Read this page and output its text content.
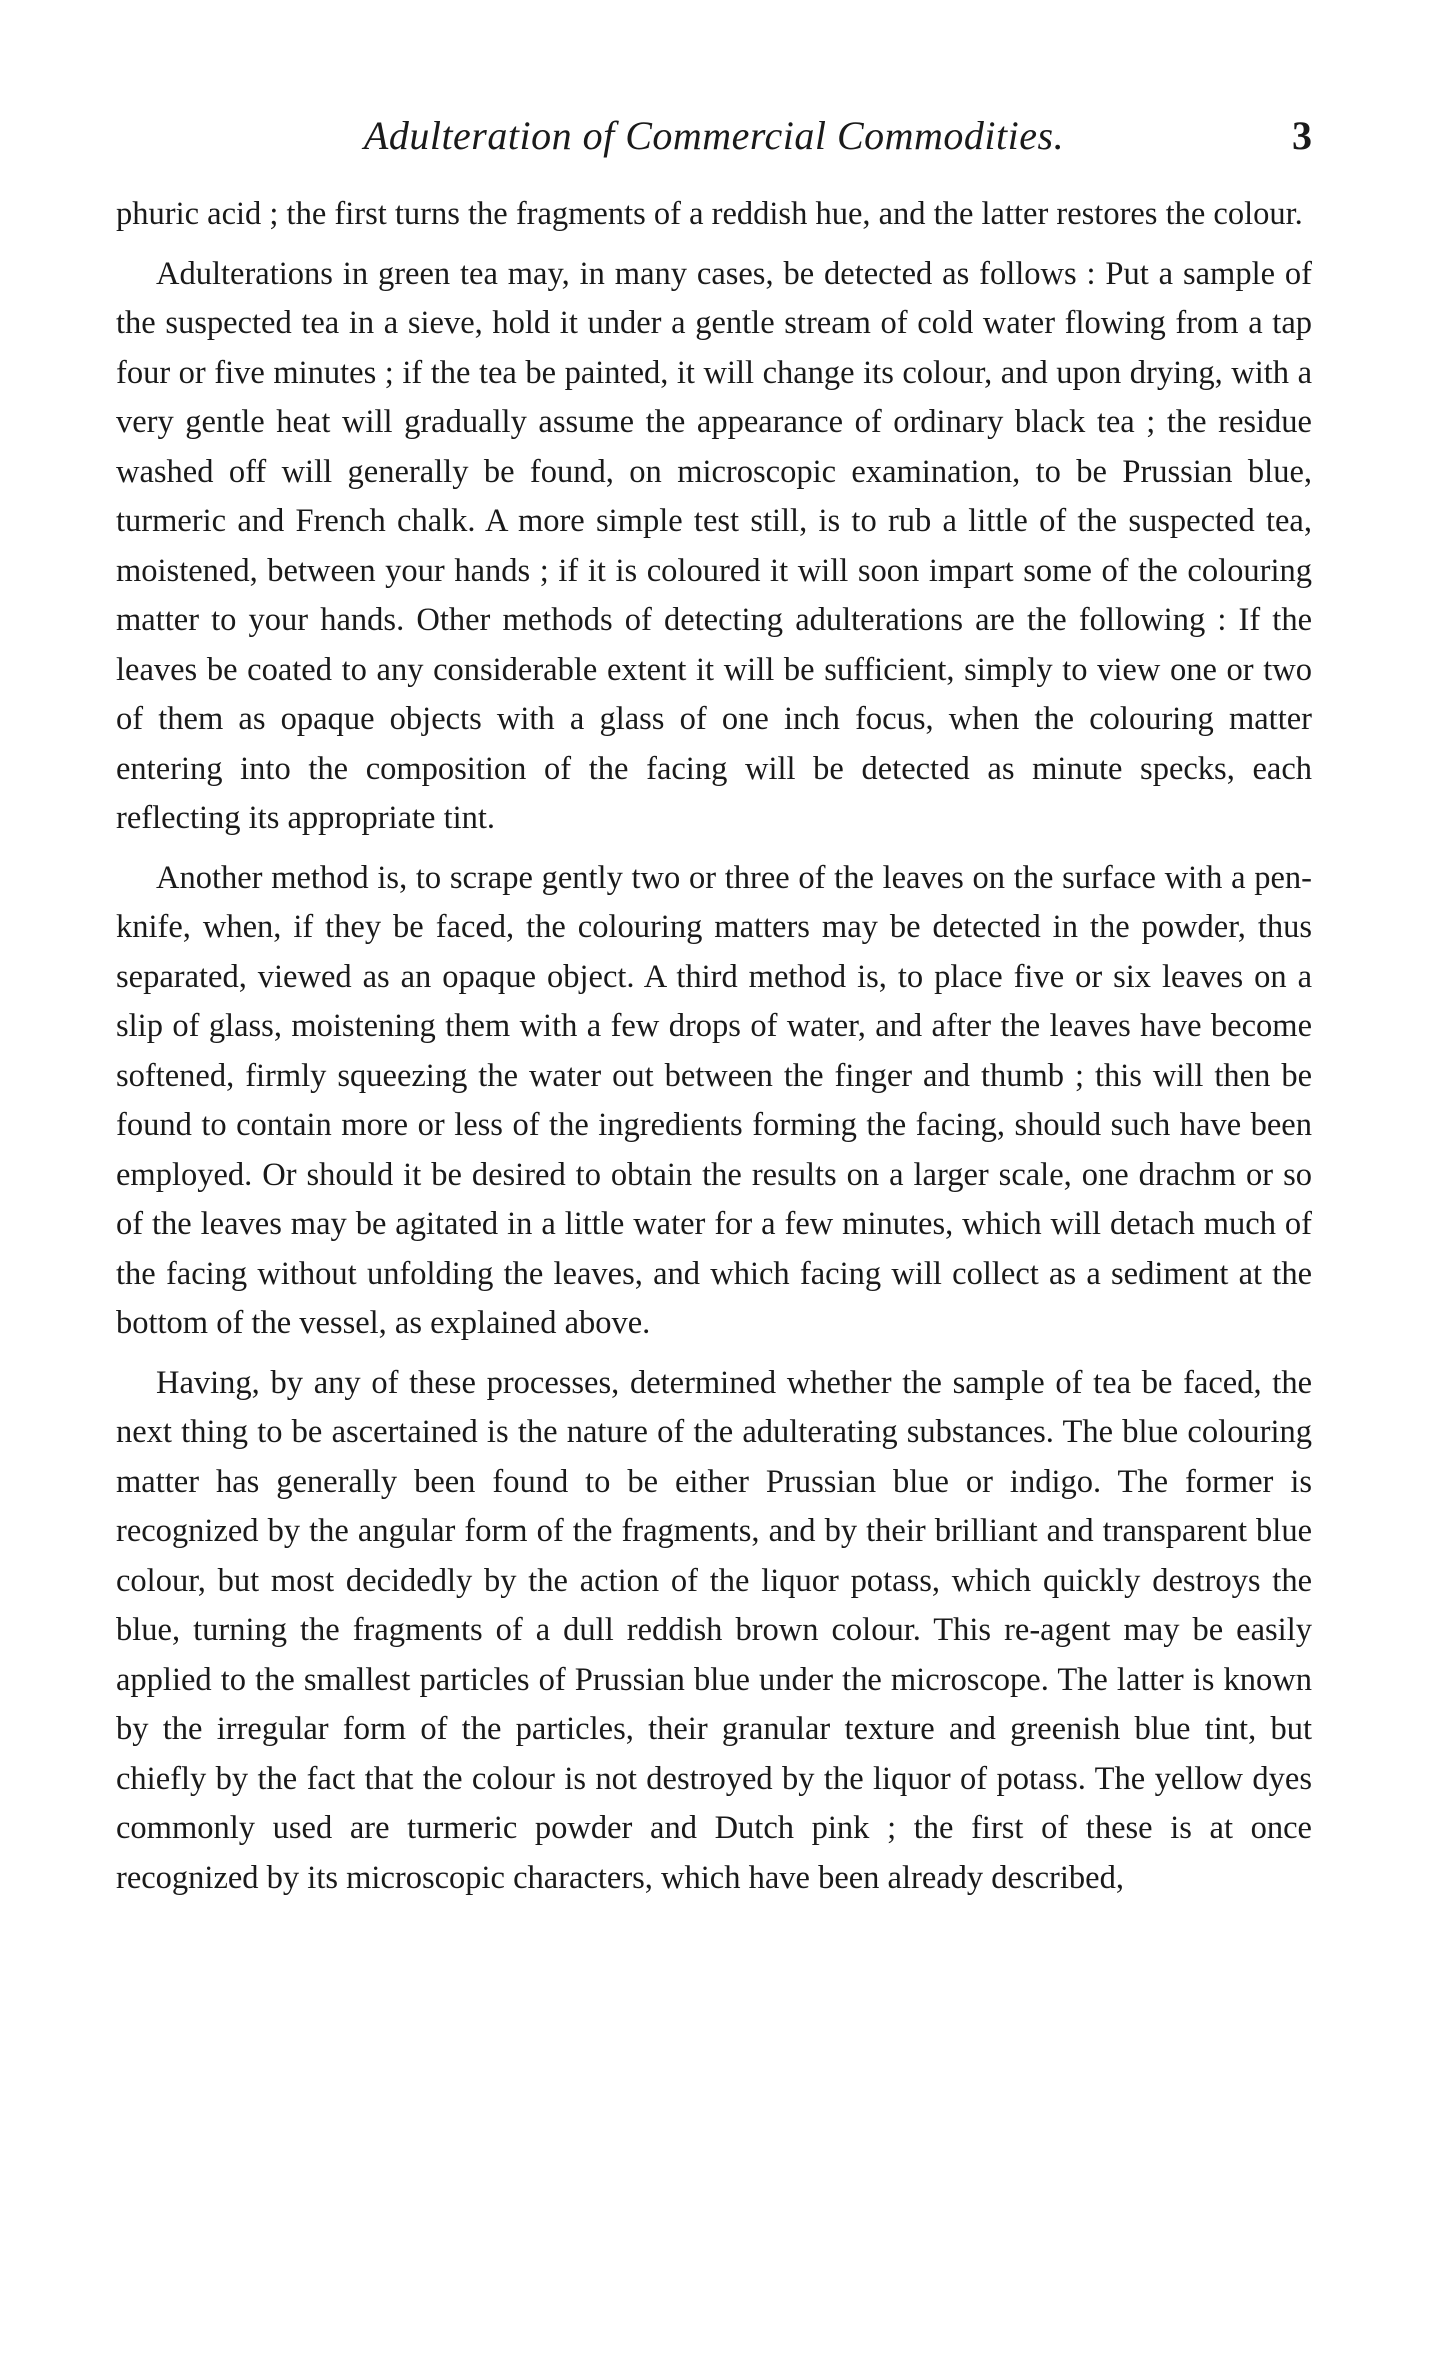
Adulteration of Commercial Commodities.	3

phuric acid ; the first turns the fragments of a reddish hue, and the latter restores the colour.

Adulterations in green tea may, in many cases, be detected as follows : Put a sample of the suspected tea in a sieve, hold it under a gentle stream of cold water flowing from a tap four or five minutes ; if the tea be painted, it will change its colour, and upon drying, with a very gentle heat will gradually assume the appearance of ordinary black tea ; the residue washed off will generally be found, on microscopic examination, to be Prussian blue, turmeric and French chalk. A more simple test still, is to rub a little of the suspected tea, moistened, between your hands ; if it is coloured it will soon impart some of the colouring matter to your hands. Other methods of detecting adulterations are the following : If the leaves be coated to any considerable extent it will be sufficient, simply to view one or two of them as opaque objects with a glass of one inch focus, when the colouring matter entering into the composition of the facing will be detected as minute specks, each reflecting its appropriate tint.

Another method is, to scrape gently two or three of the leaves on the surface with a pen-knife, when, if they be faced, the colouring matters may be detected in the powder, thus separated, viewed as an opaque object. A third method is, to place five or six leaves on a slip of glass, moistening them with a few drops of water, and after the leaves have become softened, firmly squeezing the water out between the finger and thumb ; this will then be found to contain more or less of the ingredients forming the facing, should such have been employed. Or should it be desired to obtain the results on a larger scale, one drachm or so of the leaves may be agitated in a little water for a few minutes, which will detach much of the facing without unfolding the leaves, and which facing will collect as a sediment at the bottom of the vessel, as explained above.

Having, by any of these processes, determined whether the sample of tea be faced, the next thing to be ascertained is the nature of the adulterating substances. The blue colouring matter has generally been found to be either Prussian blue or indigo. The former is recognized by the angular form of the fragments, and by their brilliant and transparent blue colour, but most decidedly by the action of the liquor potass, which quickly destroys the blue, turning the fragments of a dull reddish brown colour. This re-agent may be easily applied to the smallest particles of Prussian blue under the microscope. The latter is known by the irregular form of the particles, their granular texture and greenish blue tint, but chiefly by the fact that the colour is not destroyed by the liquor of potass. The yellow dyes commonly used are turmeric powder and Dutch pink ; the first of these is at once recognized by its microscopic characters, which have been already described,
